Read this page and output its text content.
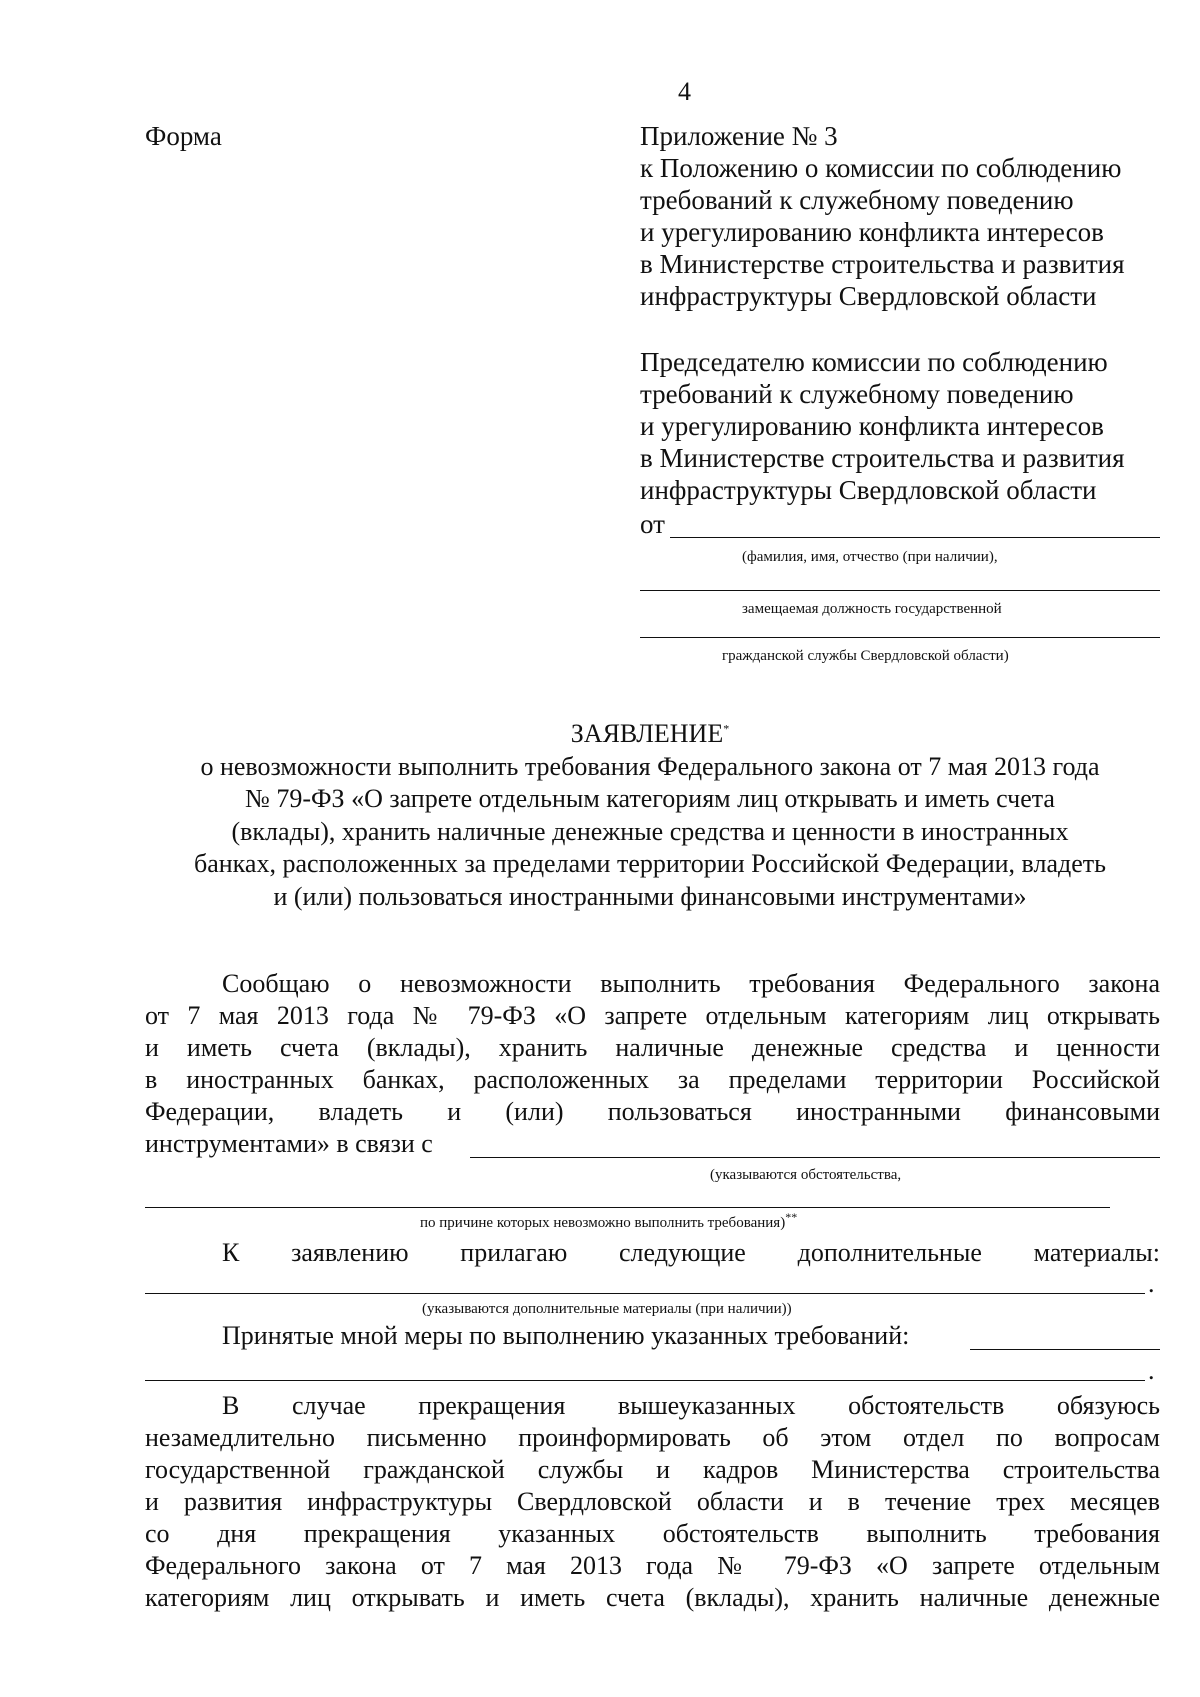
4
Форма	Приложение № 3
к Положению о комиссии по соблюдению
требований к служебному поведению
и урегулированию конфликта интересов
в Министерстве строительства и развития
инфраструктуры Свердловской области
Председателю комиссии по соблюдению
требований к служебному поведению
и урегулированию конфликта интересов
в Министерстве строительства и развития
инфраструктуры Свердловской области
от
(фамилия, имя, отчество (при наличии),
замещаемая должность государственной
гражданской службы Свердловской области)
ЗАЯВЛЕНИЕ*
о невозможности выполнить требования Федерального закона от 7 мая 2013 года
№ 79-ФЗ «О запрете отдельным категориям лиц открывать и иметь счета
(вклады), хранить наличные денежные средства и ценности в иностранных
банках, расположенных за пределами территории Российской Федерации, владеть
и (или) пользоваться иностранными финансовыми инструментами»
Сообщаю о невозможности выполнить требования Федерального закона
от 7 мая 2013 года № 79-ФЗ «О запрете отдельным категориям лиц открывать
и иметь счета (вклады), хранить наличные денежные средства и ценности
в иностранных банках, расположенных за пределами территории Российской
Федерации, владеть и (или) пользоваться иностранными финансовыми
инструментами» в связи с
(указываются обстоятельства,
по причине которых невозможно выполнить требования)**
К заявлению прилагаю следующие дополнительные материалы:
.
(указываются дополнительные материалы (при наличии))
Принятые мной меры по выполнению указанных требований:
.
В случае прекращения вышеуказанных обстоятельств обязуюсь
незамедлительно письменно проинформировать об этом отдел по вопросам
государственной гражданской службы и кадров Министерства строительства
и развития инфраструктуры Свердловской области и в течение трех месяцев
со дня прекращения указанных обстоятельств выполнить требования
Федерального закона от 7 мая 2013 года № 79-ФЗ «О запрете отдельным
категориям лиц открывать и иметь счета (вклады), хранить наличные денежные
